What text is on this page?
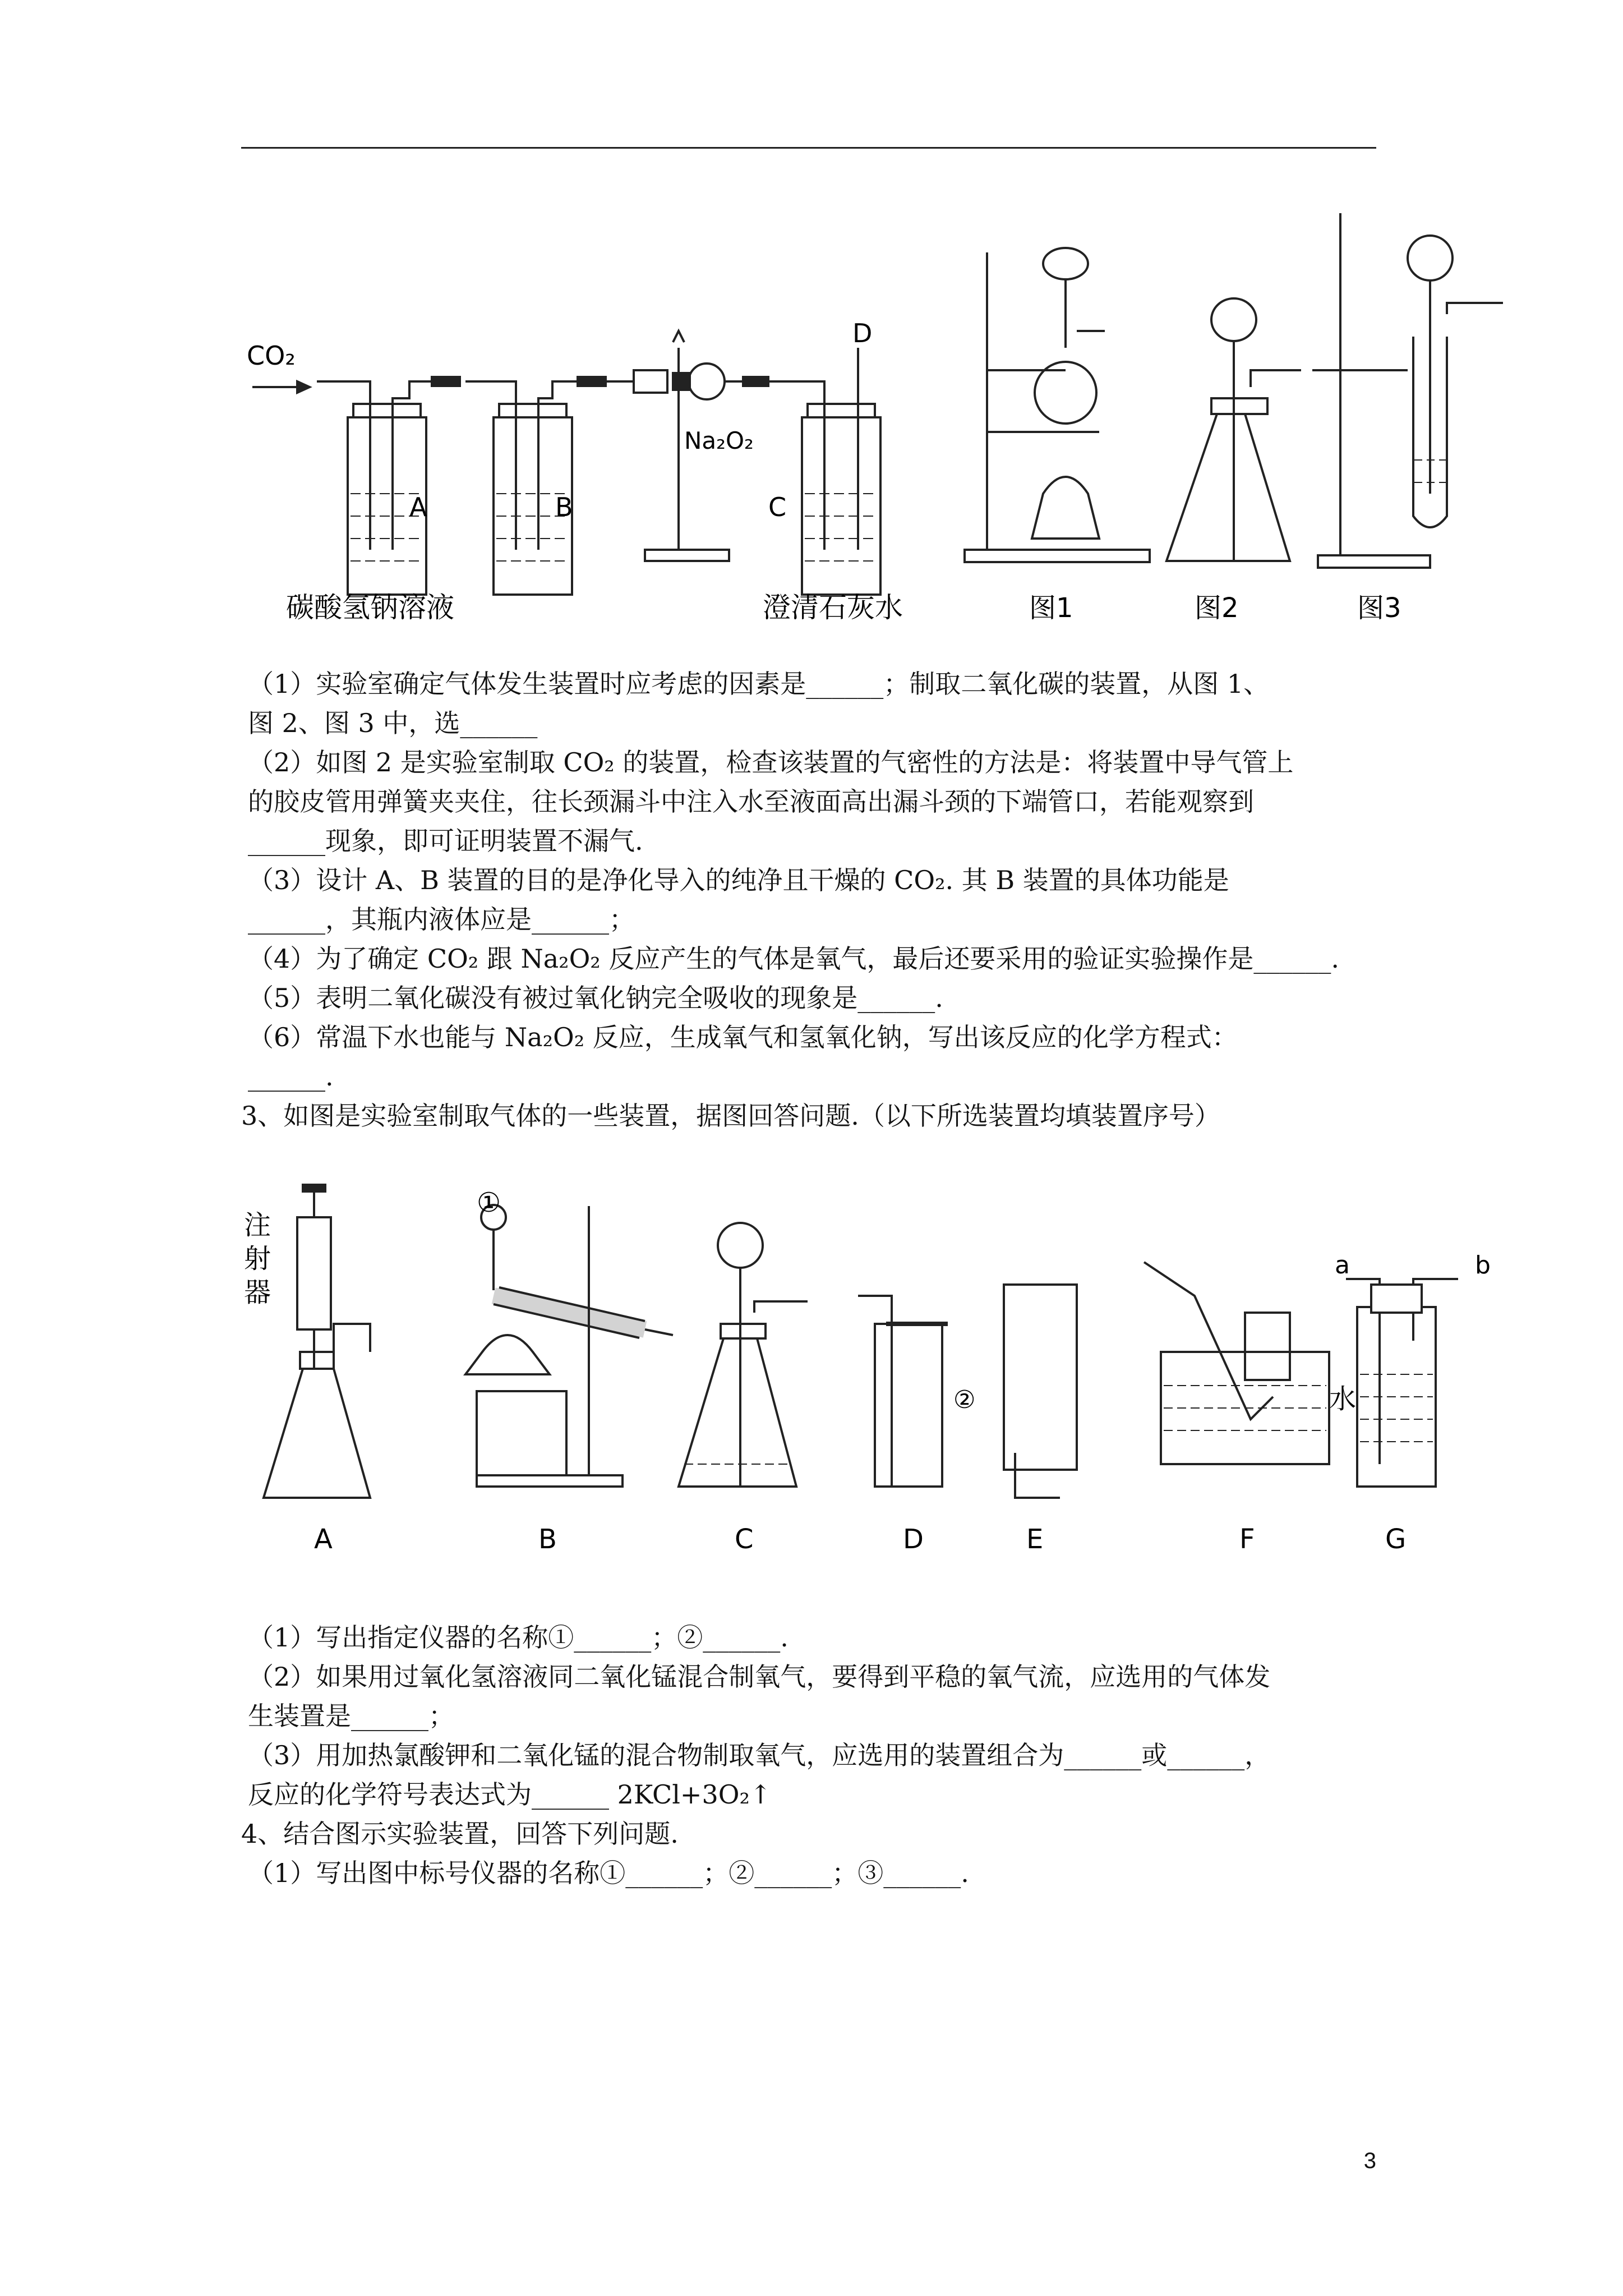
CO₂
A	B	C
D
Na₂O₂
碳酸氢钠溶液	澄清石灰水	图1	图2	图3
（1）实验室确定气体发生装置时应考虑的因素是______；制取二氧化碳的装置，从图 1、
图 2、图 3 中，选______
（2）如图 2 是实验室制取 CO₂ 的装置，检查该装置的气密性的方法是：将装置中导气管上
的胶皮管用弹簧夹夹住，往长颈漏斗中注入水至液面高出漏斗颈的下端管口，若能观察到
______现象，即可证明装置不漏气.
（3）设计 A、B 装置的目的是净化导入的纯净且干燥的 CO₂. 其 B 装置的具体功能是
______，其瓶内液体应是______；
（4）为了确定 CO₂ 跟 Na₂O₂ 反应产生的气体是氧气，最后还要采用的验证实验操作是______.
（5）表明二氧化碳没有被过氧化钠完全吸收的现象是______.
（6）常温下水也能与 Na₂O₂ 反应，生成氧气和氢氧化钠，写出该反应的化学方程式：
______.
3、如图是实验室制取气体的一些装置，据图回答问题.（以下所选装置均填装置序号）
注
射
器
①
②	水
a	b
A	B	C	D	E	F	G
（1）写出指定仪器的名称①______；②______.
（2）如果用过氧化氢溶液同二氧化锰混合制氧气，要得到平稳的氧气流，应选用的气体发
生装置是______；
（3）用加热氯酸钾和二氧化锰的混合物制取氧气，应选用的装置组合为______或______，
反应的化学符号表达式为______ 2KCl+3O₂↑
4、结合图示实验装置，回答下列问题.
（1）写出图中标号仪器的名称①______；②______；③______.
3
